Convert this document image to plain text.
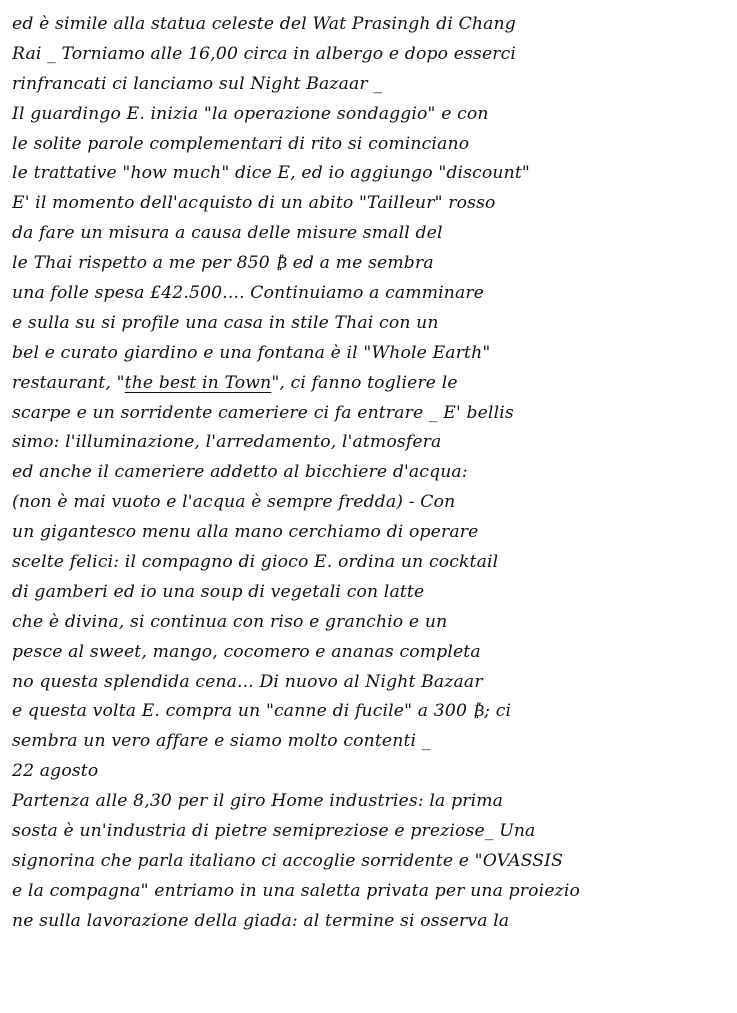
ed è simile alla statua celeste del Wat Prasingh di Chang
Rai _ Torniamo alle 16,00 circa in albergo e dopo esserci
rinfrancati ci lanciamo sul Night Bazaar _
Il guardingo E. inizia "la operazione sondaggio" e con
le solite parole complementari di rito si cominciano
le trattative "how much" dice E, ed io aggiungo "discount"
E' il momento dell'acquisto di un abito "Tailleur" rosso
da fare un misura a causa delle misure small del
le Thai rispetto a me per 850 ₿ ed a me sembra
una folle spesa £42.500.... Continuiamo a camminare
e sulla su si profile una casa in stile Thai con un
bel e curato giardino e una fontana è il "Whole Earth"
restaurant, "the best in Town", ci fanno togliere le
scarpe e un sorridente cameriere ci fa entrare _ E' bellis
simo: l'illuminazione, l'arredamento, l'atmosfera
ed anche il cameriere addetto al bicchiere d'acqua:
(non è mai vuoto e l'acqua è sempre fredda) - Con
un gigantesco menu alla mano cerchiamo di operare
scelte felici: il compagno di gioco E. ordina un cocktail
di gamberi ed io una soup di vegetali con latte
che è divina, si continua con riso e granchio e un
pesce al sweet, mango, cocomero e ananas completa
no questa splendida cena... Di nuovo al Night Bazaar
e questa volta E. compra un "canne di fucile" a 300 ₿; ci
sembra un vero affare e siamo molto contenti _
22 agosto
Partenza alle 8,30 per il giro Home industries: la prima
sosta è un'industria di pietre semipreziose e preziose_ Una
signorina che parla italiano ci accoglie sorridente e "OVASSIS
e la compagna" entriamo in una saletta privata per una proiezio
ne sulla lavorazione della giada: al termine si osserva la
